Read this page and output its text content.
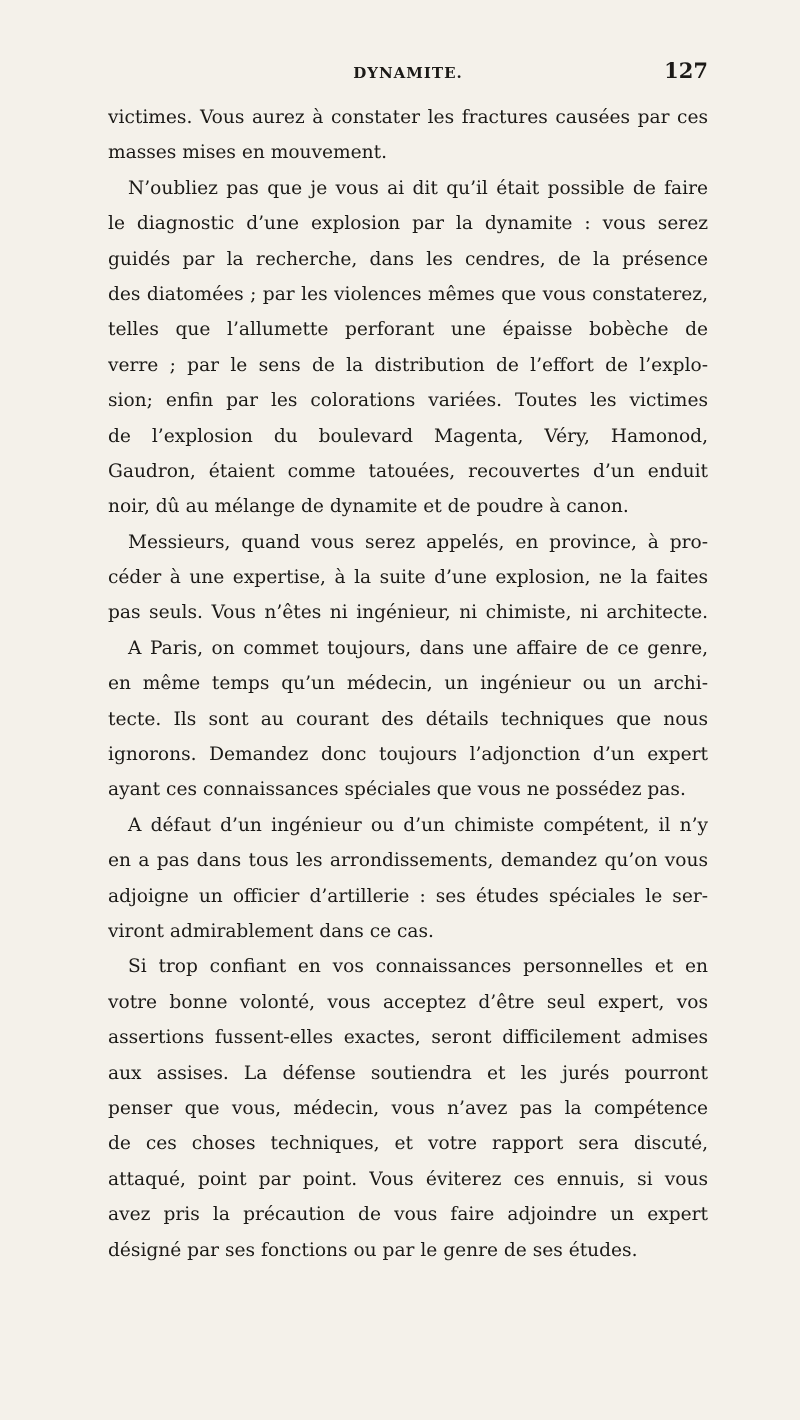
DYNAMITE.	127
victimes. Vous aurez à constater les fractures causées par ces
masses mises en mouvement.
N’oubliez pas que je vous ai dit qu’il était possible de faire
le diagnostic d’une explosion par la dynamite : vous serez
guidés par la recherche, dans les cendres, de la présence
des diatomées ; par les violences mêmes que vous constaterez,
telles que l’allumette perforant une épaisse bobèche de
verre ; par le sens de la distribution de l’effort de l’explo-
sion; enfin par les colorations variées. Toutes les victimes
de l’explosion du boulevard Magenta, Véry, Hamonod,
Gaudron, étaient comme tatouées, recouvertes d’un enduit
noir, dû au mélange de dynamite et de poudre à canon.
Messieurs, quand vous serez appelés, en province, à pro-
céder à une expertise, à la suite d’une explosion, ne la faites
pas seuls. Vous n’êtes ni ingénieur, ni chimiste, ni architecte.
A Paris, on commet toujours, dans une affaire de ce genre,
en même temps qu’un médecin, un ingénieur ou un archi-
tecte. Ils sont au courant des détails techniques que nous
ignorons. Demandez donc toujours l’adjonction d’un expert
ayant ces connaissances spéciales que vous ne possédez pas.
A défaut d’un ingénieur ou d’un chimiste compétent, il n’y
en a pas dans tous les arrondissements, demandez qu’on vous
adjoigne un officier d’artillerie : ses études spéciales le ser-
viront admirablement dans ce cas.
Si trop confiant en vos connaissances personnelles et en
votre bonne volonté, vous acceptez d’être seul expert, vos
assertions fussent-elles exactes, seront difficilement admises
aux assises. La défense soutiendra et les jurés pourront
penser que vous, médecin, vous n’avez pas la compétence
de ces choses techniques, et votre rapport sera discuté,
attaqué, point par point. Vous éviterez ces ennuis, si vous
avez pris la précaution de vous faire adjoindre un expert
désigné par ses fonctions ou par le genre de ses études.
